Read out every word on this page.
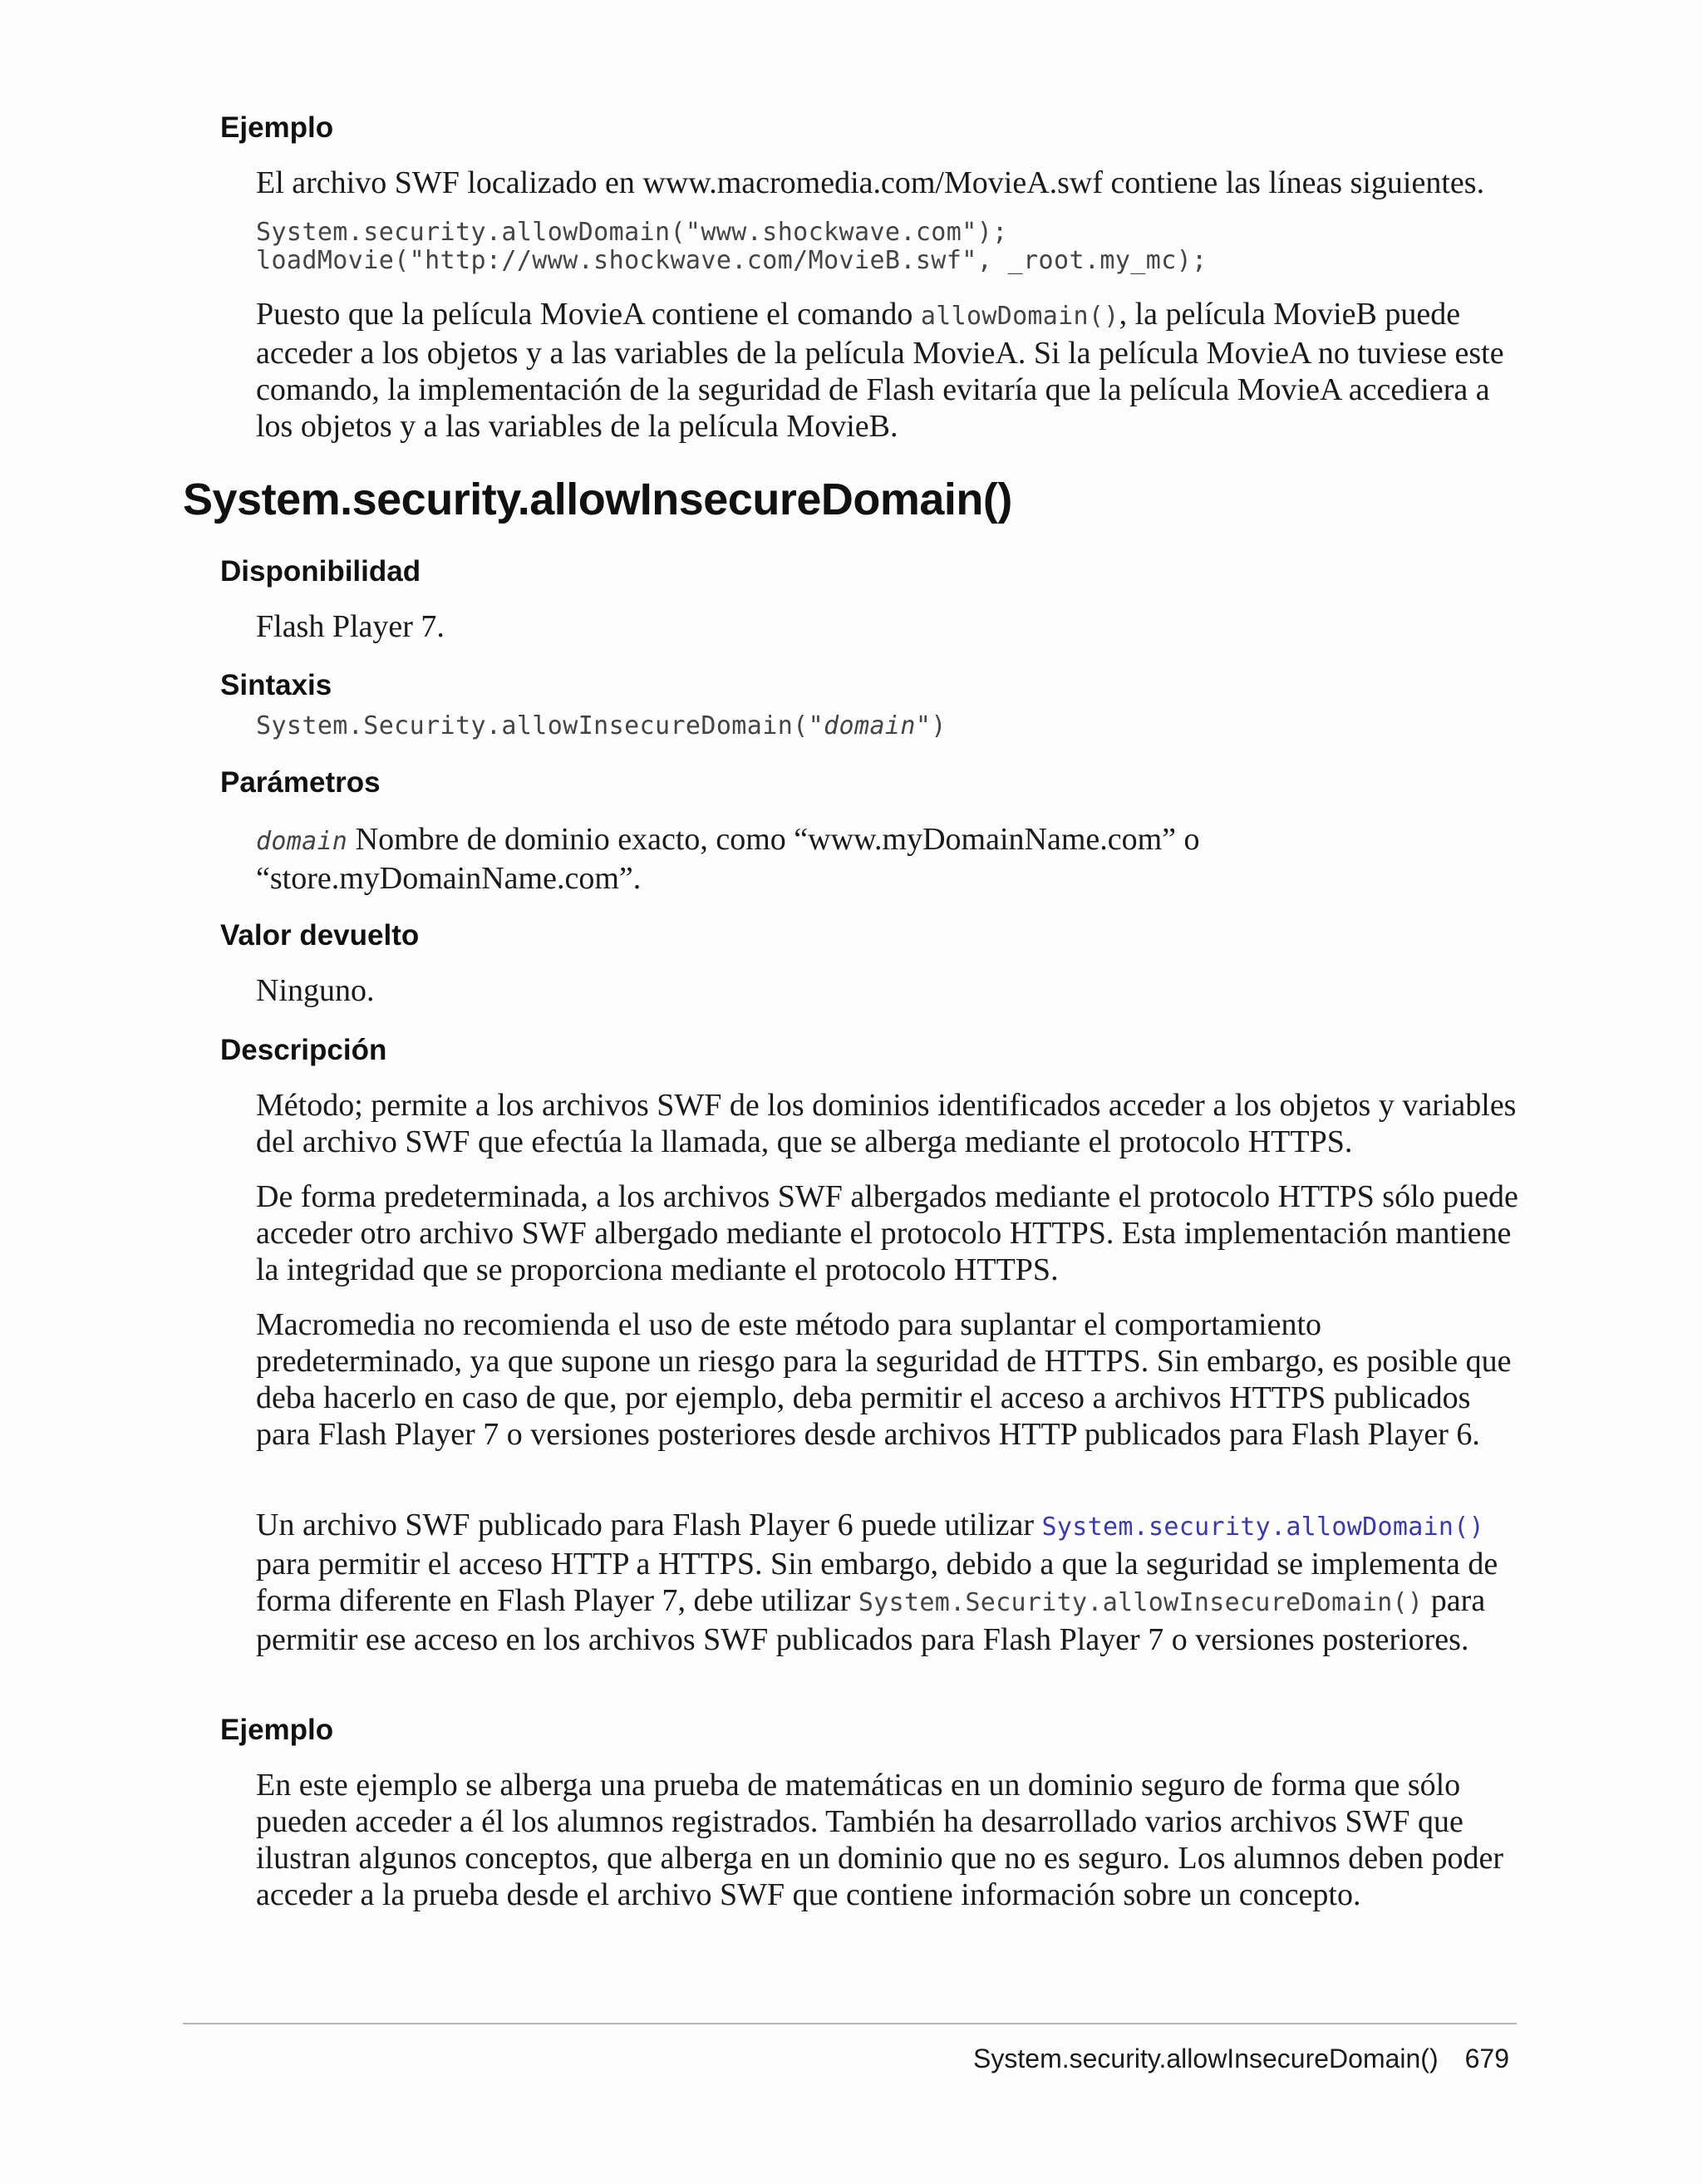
Ejemplo

El archivo SWF localizado en www.macromedia.com/MovieA.swf contiene las líneas siguientes.

System.security.allowDomain("www.shockwave.com");
loadMovie("http://www.shockwave.com/MovieB.swf", _root.my_mc);

Puesto que la película MovieA contiene el comando allowDomain(), la película MovieB puede acceder a los objetos y a las variables de la película MovieA. Si la película MovieA no tuviese este comando, la implementación de la seguridad de Flash evitaría que la película MovieA accediera a los objetos y a las variables de la película MovieB.

System.security.allowInsecureDomain()
Disponibilidad

Flash Player 7.

Sintaxis
System.Security.allowInsecureDomain("domain")
Parámetros

domain Nombre de dominio exacto, como “www.myDomainName.com” o “store.myDomainName.com”.

Valor devuelto

Ninguno.

Descripción

Método; permite a los archivos SWF de los dominios identificados acceder a los objetos y variables del archivo SWF que efectúa la llamada, que se alberga mediante el protocolo HTTPS.

De forma predeterminada, a los archivos SWF albergados mediante el protocolo HTTPS sólo puede acceder otro archivo SWF albergado mediante el protocolo HTTPS. Esta implementación mantiene la integridad que se proporciona mediante el protocolo HTTPS.

Macromedia no recomienda el uso de este método para suplantar el comportamiento predeterminado, ya que supone un riesgo para la seguridad de HTTPS. Sin embargo, es posible que deba hacerlo en caso de que, por ejemplo, deba permitir el acceso a archivos HTTPS publicados para Flash Player 7 o versiones posteriores desde archivos HTTP publicados para Flash Player 6.

Un archivo SWF publicado para Flash Player 6 puede utilizar System.security.allowDomain() para permitir el acceso HTTP a HTTPS. Sin embargo, debido a que la seguridad se implementa de forma diferente en Flash Player 7, debe utilizar System.Security.allowInsecureDomain() para permitir ese acceso en los archivos SWF publicados para Flash Player 7 o versiones posteriores.

Ejemplo

En este ejemplo se alberga una prueba de matemáticas en un dominio seguro de forma que sólo pueden acceder a él los alumnos registrados. También ha desarrollado varios archivos SWF que ilustran algunos conceptos, que alberga en un dominio que no es seguro. Los alumnos deben poder acceder a la prueba desde el archivo SWF que contiene información sobre un concepto.

System.security.allowInsecureDomain() 679
